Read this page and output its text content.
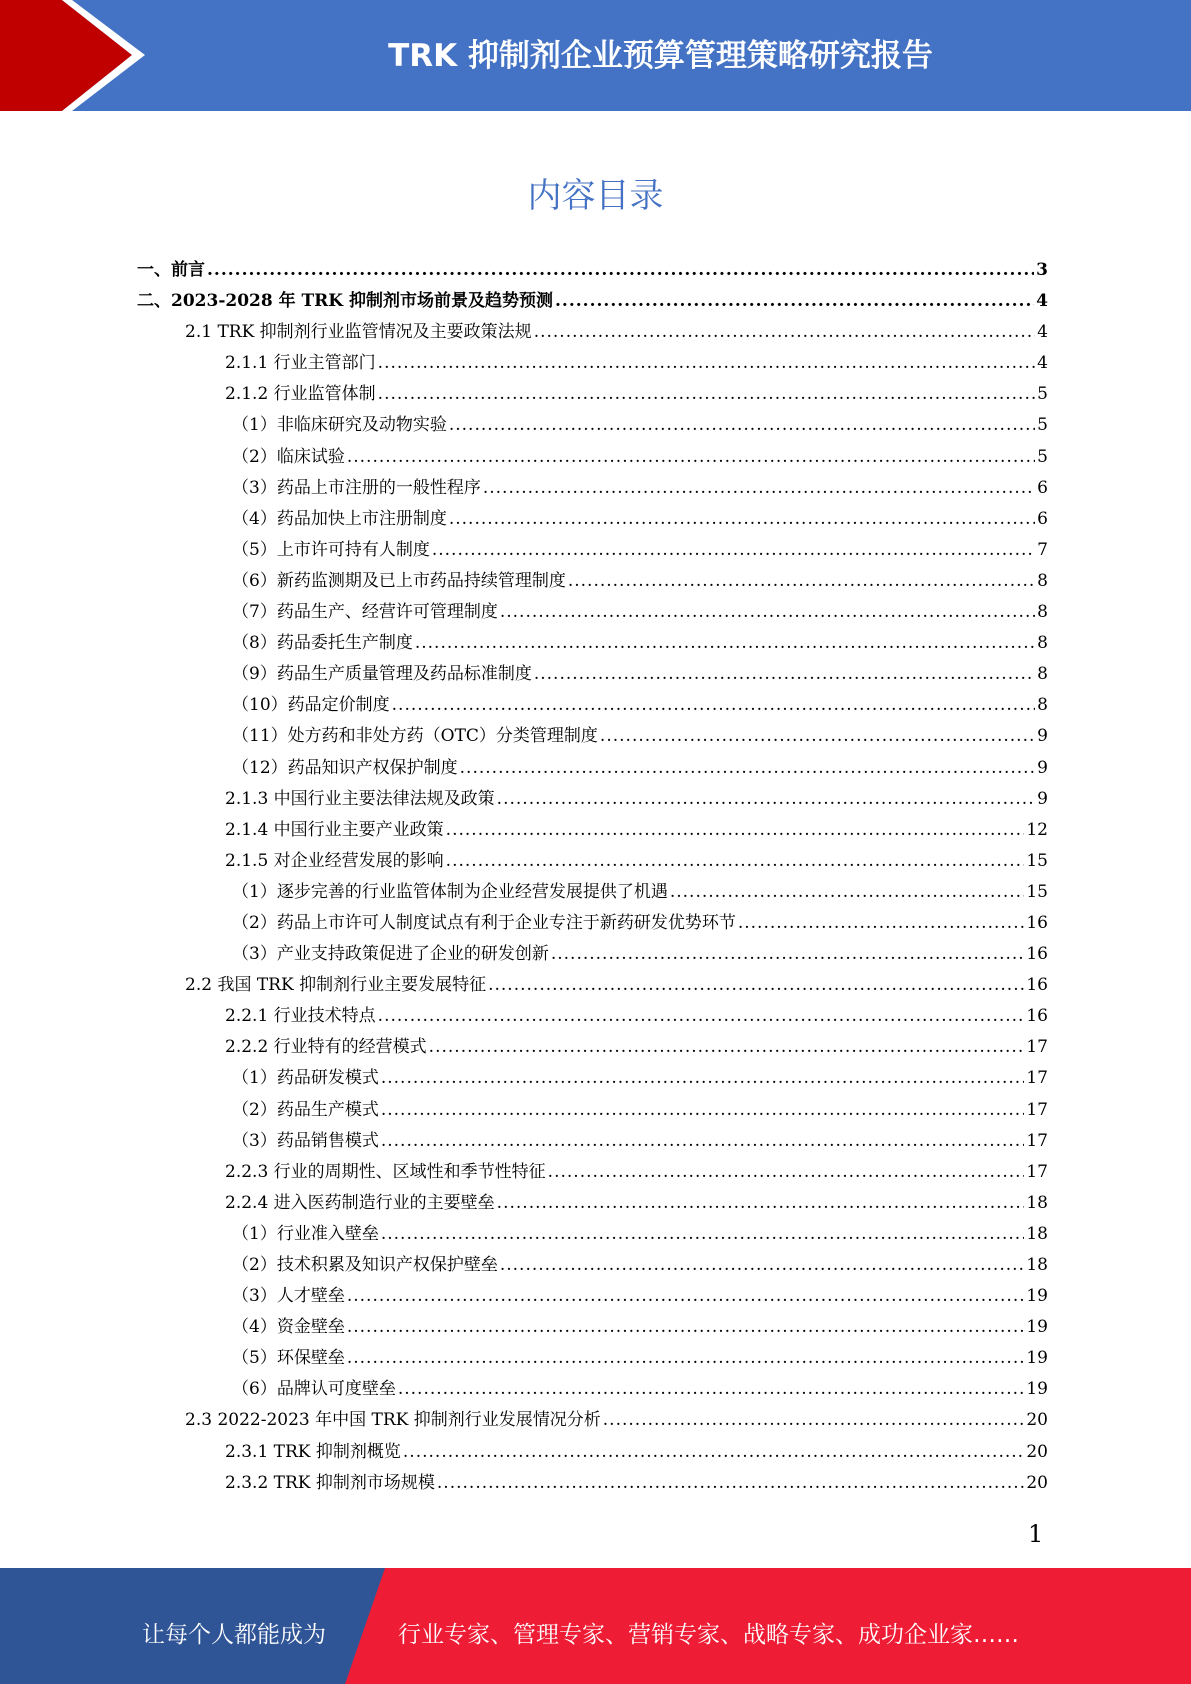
TRK 抑制剂企业预算管理策略研究报告
内容目录
一、前言 .....	3
二、2023-2028 年 TRK 抑制剂市场前景及趋势预测 .....	4
2.1 TRK 抑制剂行业监管情况及主要政策法规 .....	4
2.1.1 行业主管部门 .....	4
2.1.2 行业监管体制 .....	5
（1）非临床研究及动物实验 .....	5
（2）临床试验 .....	5
（3）药品上市注册的一般性程序 .....	6
（4）药品加快上市注册制度 .....	6
（5）上市许可持有人制度 .....	7
（6）新药监测期及已上市药品持续管理制度 .....	8
（7）药品生产、经营许可管理制度 .....	8
（8）药品委托生产制度 .....	8
（9）药品生产质量管理及药品标准制度 .....	8
（10）药品定价制度 .....	8
（11）处方药和非处方药（OTC）分类管理制度 .....	9
（12）药品知识产权保护制度 .....	9
2.1.3 中国行业主要法律法规及政策 .....	9
2.1.4 中国行业主要产业政策 .....	12
2.1.5 对企业经营发展的影响 .....	15
（1）逐步完善的行业监管体制为企业经营发展提供了机遇 .....	15
（2）药品上市许可人制度试点有利于企业专注于新药研发优势环节 .....	16
（3）产业支持政策促进了企业的研发创新 .....	16
2.2 我国 TRK 抑制剂行业主要发展特征 .....	16
2.2.1 行业技术特点 .....	16
2.2.2 行业特有的经营模式 .....	17
（1）药品研发模式 .....	17
（2）药品生产模式 .....	17
（3）药品销售模式 .....	17
2.2.3 行业的周期性、区域性和季节性特征 .....	17
2.2.4 进入医药制造行业的主要壁垒 .....	18
（1）行业准入壁垒 .....	18
（2）技术积累及知识产权保护壁垒 .....	18
（3）人才壁垒 .....	19
（4）资金壁垒 .....	19
（5）环保壁垒 .....	19
（6）品牌认可度壁垒 .....	19
2.3 2022-2023 年中国 TRK 抑制剂行业发展情况分析 .....	20
2.3.1 TRK 抑制剂概览 .....	20
2.3.2 TRK 抑制剂市场规模 .....	20
1
让每个人都能成为	行业专家、管理专家、营销专家、战略专家、成功企业家……
